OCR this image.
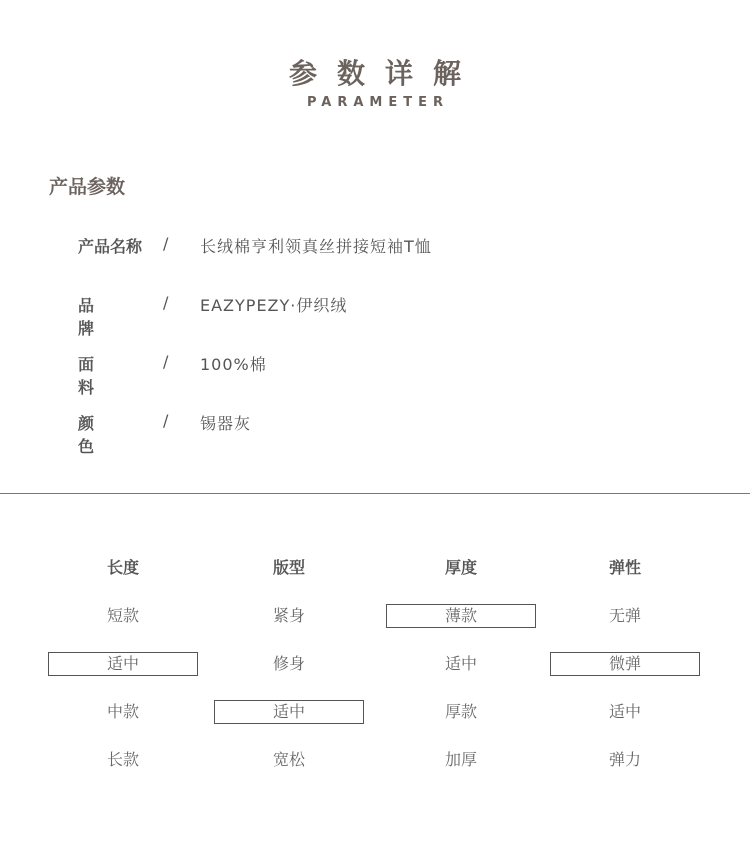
参数详解
PARAMETER
产品参数
产品名称 / 长绒棉亨利领真丝拼接短袖T恤
品牌
/ EAZYPEZY·伊织绒
面料
/ 100%棉
颜色
/ 锡器灰
长度
短款
适中
中款
长款
版型
紧身
修身
适中
宽松
厚度
薄款
适中
厚款
加厚
弹性
无弹
微弹
适中
弹力
